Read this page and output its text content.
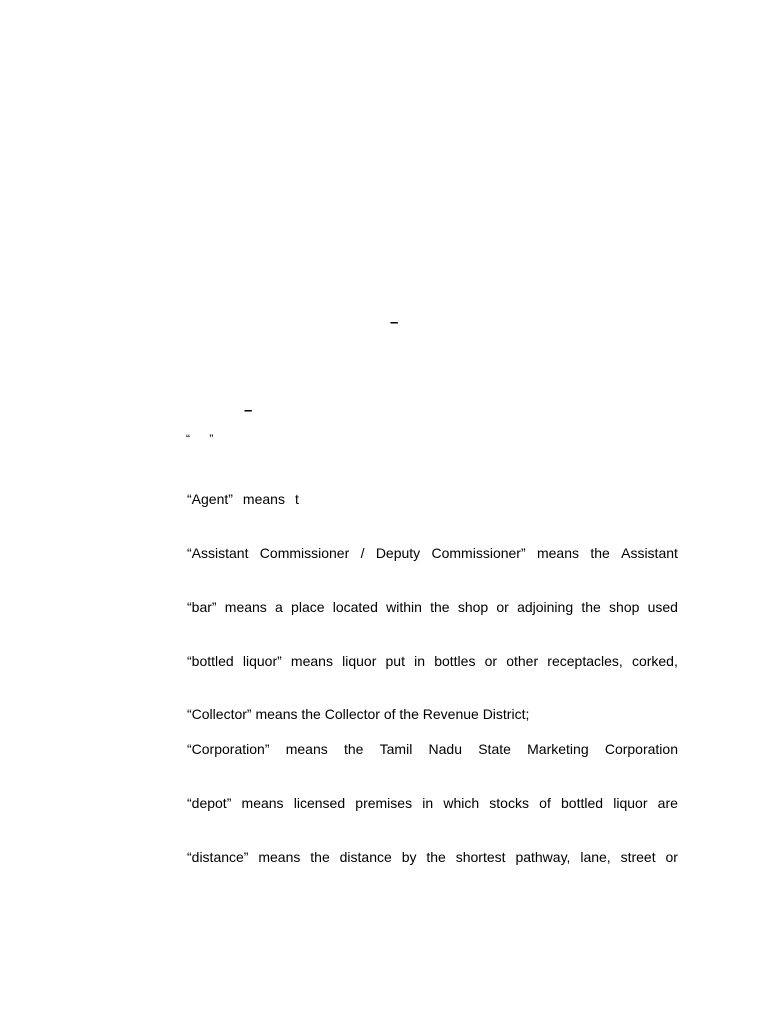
–
–
“ ”
“Agent” means t
“Assistant Commissioner / Deputy Commissioner” means the Assistant
“bar” means a place located within the shop or adjoining the shop used
“bottled liquor” means liquor put in bottles or other receptacles, corked,
“Collector” means the Collector of the Revenue District;
“Corporation” means the Tamil Nadu State Marketing Corporation
“depot” means licensed premises in which stocks of bottled liquor are
“distance” means the distance by the shortest pathway, lane, street or
